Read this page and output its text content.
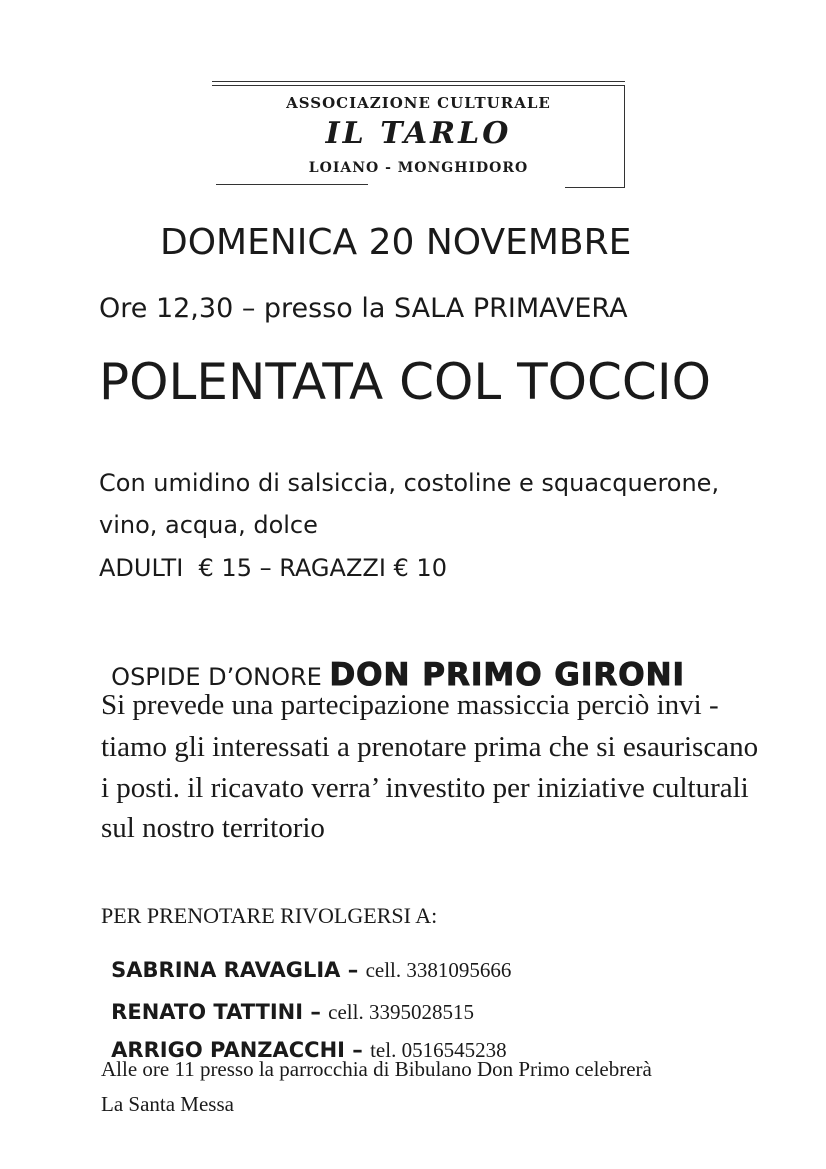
ASSOCIAZIONE CULTURALE
IL TARLO
LOIANO - MONGHIDORO
DOMENICA 20 NOVEMBRE
Ore 12,30 – presso la SALA PRIMAVERA
POLENTATA COL TOCCIO
Con umidino di salsiccia, costoline e squacquerone,
vino, acqua, dolce
ADULTI  € 15 – RAGAZZI € 10

OSPIDE D’ONORE DON PRIMO GIRONI

Si prevede una partecipazione massiccia perciò invi -
tiamo gli interessati a prenotare prima che si esauriscano
i posti. il ricavato verra’ investito per iniziative culturali
sul nostro territorio
PER PRENOTARE RIVOLGERSI A:

SABRINA RAVAGLIA – cell. 3381095666

RENATO TATTINI – cell. 3395028515

ARRIGO PANZACCHI – tel. 0516545238

Alle ore 11 presso la parrocchia di Bibulano Don Primo celebrerà
La Santa Messa
